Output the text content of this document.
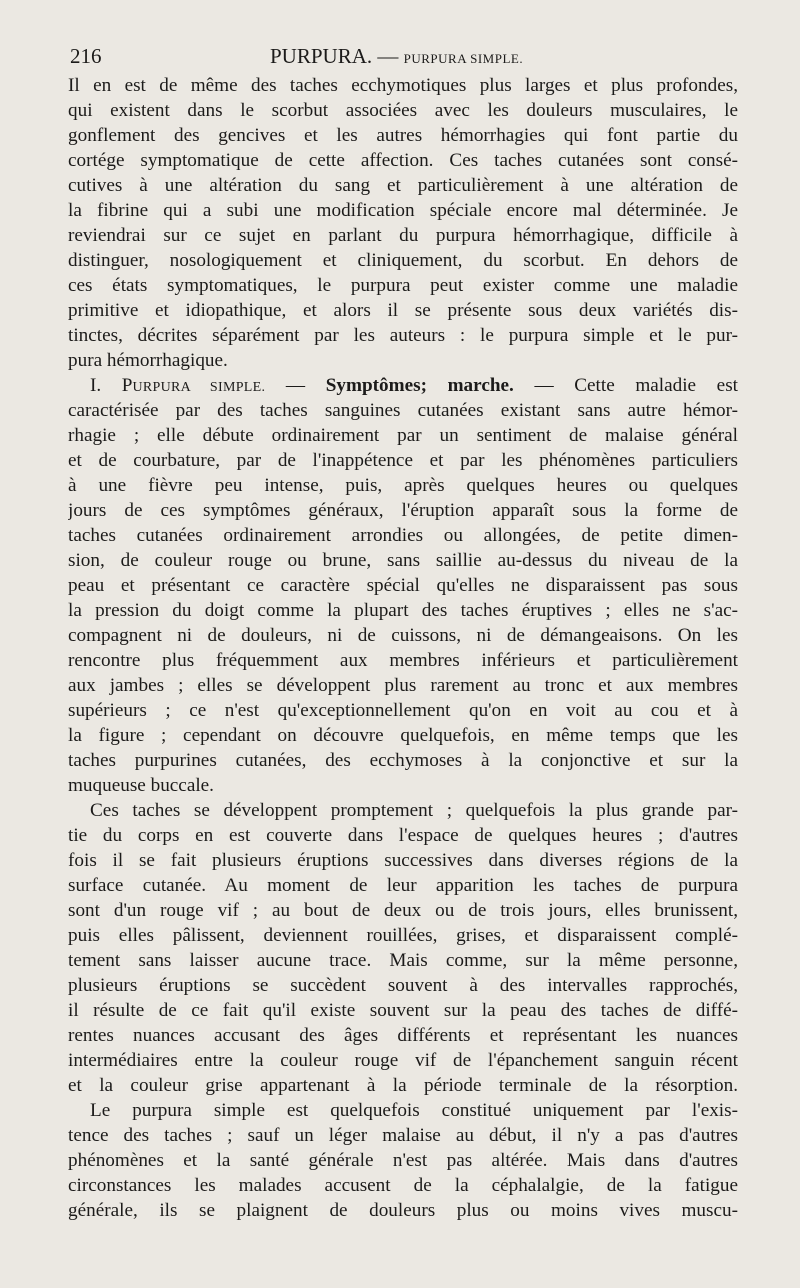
216	PURPURA. — PURPURA SIMPLE.
Il en est de même des taches ecchymotiques plus larges et plus profondes,
qui existent dans le scorbut associées avec les douleurs musculaires, le
gonflement des gencives et les autres hémorrhagies qui font partie du
cortége symptomatique de cette affection. Ces taches cutanées sont consé-
cutives à une altération du sang et particulièrement à une altération de
la fibrine qui a subi une modification spéciale encore mal déterminée. Je
reviendrai sur ce sujet en parlant du purpura hémorrhagique, difficile à
distinguer, nosologiquement et cliniquement, du scorbut. En dehors de
ces états symptomatiques, le purpura peut exister comme une maladie
primitive et idiopathique, et alors il se présente sous deux variétés dis-
tinctes, décrites séparément par les auteurs : le purpura simple et le pur-
pura hémorrhagique.
I. PURPURA SIMPLE. — Symptômes; marche. — Cette maladie est
caractérisée par des taches sanguines cutanées existant sans autre hémor-
rhagie ; elle débute ordinairement par un sentiment de malaise général
et de courbature, par de l'inappétence et par les phénomènes particuliers
à une fièvre peu intense, puis, après quelques heures ou quelques
jours de ces symptômes généraux, l'éruption apparaît sous la forme de
taches cutanées ordinairement arrondies ou allongées, de petite dimen-
sion, de couleur rouge ou brune, sans saillie au-dessus du niveau de la
peau et présentant ce caractère spécial qu'elles ne disparaissent pas sous
la pression du doigt comme la plupart des taches éruptives ; elles ne s'ac-
compagnent ni de douleurs, ni de cuissons, ni de démangeaisons. On les
rencontre plus fréquemment aux membres inférieurs et particulièrement
aux jambes ; elles se développent plus rarement au tronc et aux membres
supérieurs ; ce n'est qu'exceptionnellement qu'on en voit au cou et à
la figure ; cependant on découvre quelquefois, en même temps que les
taches purpurines cutanées, des ecchymoses à la conjonctive et sur la
muqueuse buccale.
Ces taches se développent promptement ; quelquefois la plus grande par-
tie du corps en est couverte dans l'espace de quelques heures ; d'autres
fois il se fait plusieurs éruptions successives dans diverses régions de la
surface cutanée. Au moment de leur apparition les taches de purpura
sont d'un rouge vif ; au bout de deux ou de trois jours, elles brunissent,
puis elles pâlissent, deviennent rouillées, grises, et disparaissent complé-
tement sans laisser aucune trace. Mais comme, sur la même personne,
plusieurs éruptions se succèdent souvent à des intervalles rapprochés,
il résulte de ce fait qu'il existe souvent sur la peau des taches de diffé-
rentes nuances accusant des âges différents et représentant les nuances
intermédiaires entre la couleur rouge vif de l'épanchement sanguin récent
et la couleur grise appartenant à la période terminale de la résorption.
Le purpura simple est quelquefois constitué uniquement par l'exis-
tence des taches ; sauf un léger malaise au début, il n'y a pas d'autres
phénomènes et la santé générale n'est pas altérée. Mais dans d'autres
circonstances les malades accusent de la céphalalgie, de la fatigue
générale, ils se plaignent de douleurs plus ou moins vives muscu-
